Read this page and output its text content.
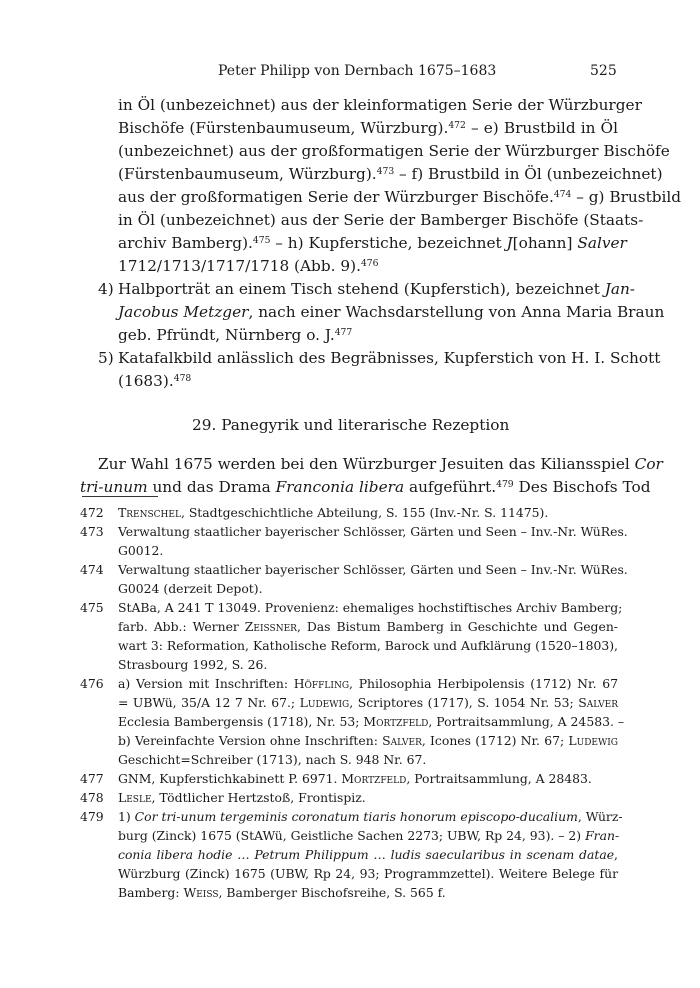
Peter Philipp von Dernbach 1675–1683	525
in Öl (unbezeichnet) aus der kleinformatigen Serie der Würzburger
Bischöfe (Fürstenbaumuseum, Würzburg).$^{472}$ – e) Brustbild in Öl
(unbezeichnet) aus der großformatigen Serie der Würzburger Bischöfe
(Fürstenbaumuseum, Würzburg).$^{473}$ – f) Brustbild in Öl (unbezeichnet)
aus der großformatigen Serie der Würzburger Bischöfe.$^{474}$ – g) Brustbild
in Öl (unbezeichnet) aus der Serie der Bamberger Bischöfe (Staats-
archiv Bamberg).$^{475}$ – h) Kupferstiche, bezeichnet J[ohann] Salver
1712/1713/1717/1718 (Abb. 9).$^{476}$
4) Halbporträt an einem Tisch stehend (Kupferstich), bezeichnet Jan-
Jacobus Metzger, nach einer Wachsdarstellung von Anna Maria Braun
geb. Pfründt, Nürnberg o. J.$^{477}$
5) Katafalkbild anlässlich des Begräbnisses, Kupferstich von H. I. Schott
(1683).$^{478}$
29. Panegyrik und literarische Rezeption
Zur Wahl 1675 werden bei den Würzburger Jesuiten das Kiliansspiel Cor
tri-unum und das Drama Franconia libera aufgeführt.$^{479}$ Des Bischofs Tod
472 Trenschel, Stadtgeschichtliche Abteilung, S. 155 (Inv.-Nr. S. 11475).
473 Verwaltung staatlicher bayerischer Schlösser, Gärten und Seen – Inv.-Nr. WüRes.
G0012.
474 Verwaltung staatlicher bayerischer Schlösser, Gärten und Seen – Inv.-Nr. WüRes.
G0024 (derzeit Depot).
475 StABa, A 241 T 13049. Provenienz: ehemaliges hochstiftisches Archiv Bamberg;
farb. Abb.: Werner Zeissner, Das Bistum Bamberg in Geschichte und Gegen-
wart 3: Reformation, Katholische Reform, Barock und Aufklärung (1520–1803),
Strasbourg 1992, S. 26.
476 a) Version mit Inschriften: Höffling, Philosophia Herbipolensis (1712) Nr. 67
= UBWü, 35/A 12 7 Nr. 67.; Ludewig, Scriptores (1717), S. 1054 Nr. 53; Salver
Ecclesia Bambergensis (1718), Nr. 53; Mortzfeld, Portraitsammlung, A 24583. –
b) Vereinfachte Version ohne Inschriften: Salver, Icones (1712) Nr. 67; Ludewig
Geschicht=Schreiber (1713), nach S. 948 Nr. 67.
477 GNM, Kupferstichkabinett P. 6971. Mortzfeld, Portraitsammlung, A 28483.
478 Lesle, Tödtlicher Hertzstoß, Frontispiz.
479 1) Cor tri-unum tergeminis coronatum tiaris honorum episcopo-ducalium, Würz-
burg (Zinck) 1675 (StAWü, Geistliche Sachen 2273; UBW, Rp 24, 93). – 2) Fran-
conia libera hodie … Petrum Philippum … ludis saecularibus in scenam datae,
Würzburg (Zinck) 1675 (UBW, Rp 24, 93; Programmzettel). Weitere Belege für
Bamberg: Weiss, Bamberger Bischofsreihe, S. 565 f.
